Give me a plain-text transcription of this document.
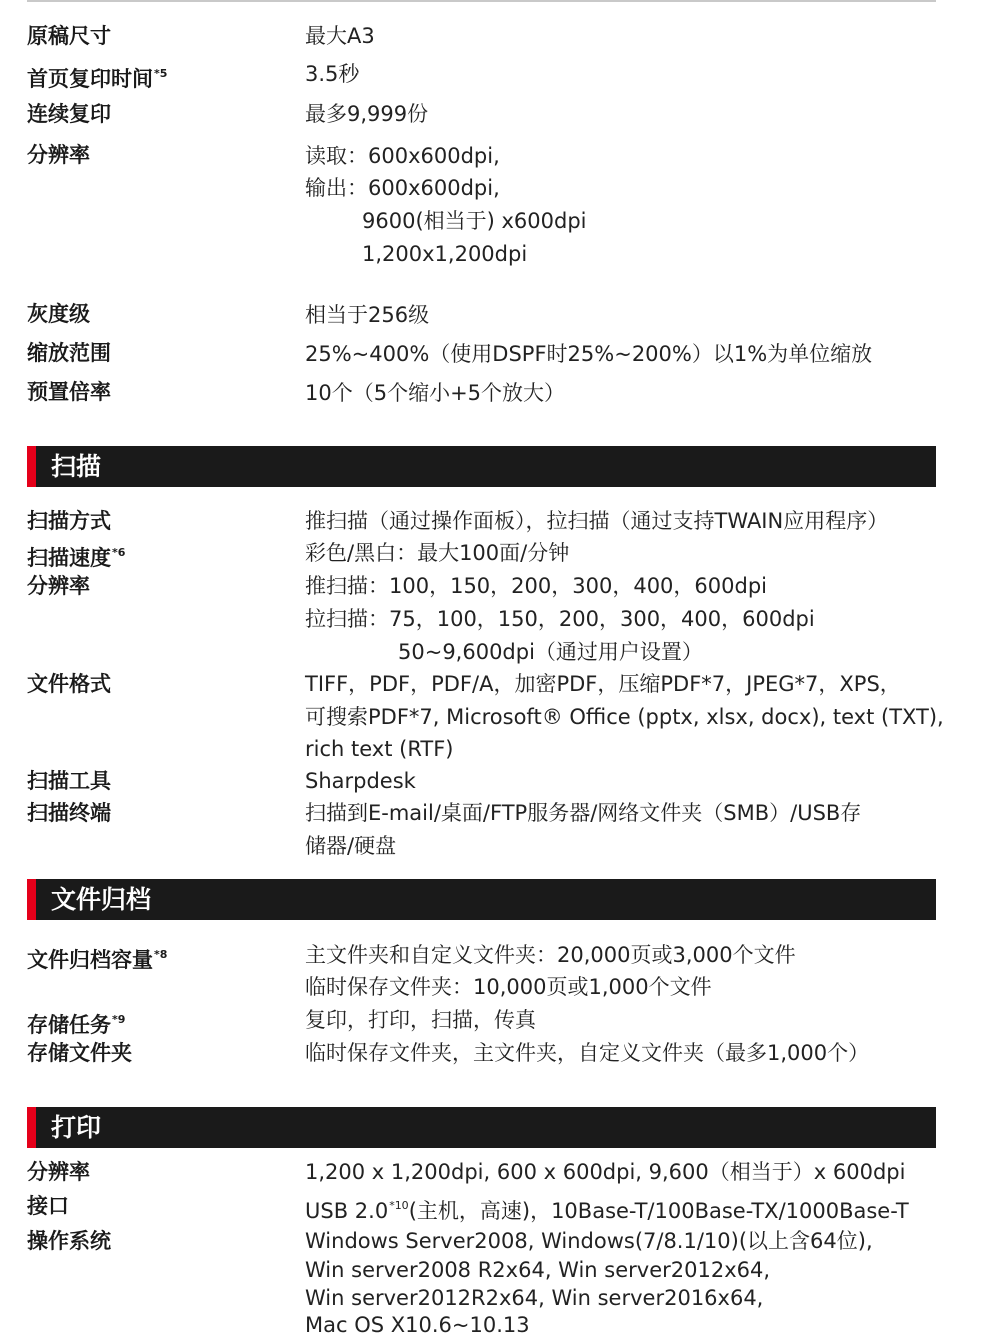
原稿尺寸	最大A3
首页复印时间$^{*5}$	3.5秒
连续复印	最多9,999份
分辨率	读取：600x600dpi,
输出：600x600dpi,
9600(相当于) x600dpi
1,200x1,200dpi
灰度级	相当于256级
缩放范围	25%~400%（使用DSPF时25%~200%）以1%为单位缩放
预置倍率	10个（5个缩小+5个放大）
扫描
扫描方式	推扫描（通过操作面板），拉扫描（通过支持TWAIN应用程序）
扫描速度$^{*6}$	彩色/黑白：最大100面/分钟
分辨率	推扫描：100，150，200，300，400，600dpi
拉扫描：75，100，150，200，300，400，600dpi
50~9,600dpi（通过用户设置）
文件格式	TIFF，PDF，PDF/A，加密PDF，压缩PDF*7，JPEG*7，XPS，
可搜索PDF*7, Microsoft® Office (pptx, xlsx, docx), text (TXT),
rich text (RTF)
扫描工具	Sharpdesk
扫描终端	扫描到E-mail/桌面/FTP服务器/网络文件夹（SMB）/USB存
储器/硬盘
文件归档
文件归档容量$^{*8}$	主文件夹和自定义文件夹：20,000页或3,000个文件
临时保存文件夹：10,000页或1,000个文件
存储任务$^{*9}$	复印，打印，扫描，传真
存储文件夹	临时保存文件夹，主文件夹，自定义文件夹（最多1,000个）
打印
分辨率	1,200 x 1,200dpi, 600 x 600dpi, 9,600（相当于）x 600dpi
接口	USB 2.0$^{*10}$(主机，高速)，10Base-T/100Base-TX/1000Base-T
操作系统	Windows Server2008, Windows(7/8.1/10)(以上含64位),
Win server2008 R2x64, Win server2012x64,
Win server2012R2x64, Win server2016x64,
Mac OS X10.6~10.13
